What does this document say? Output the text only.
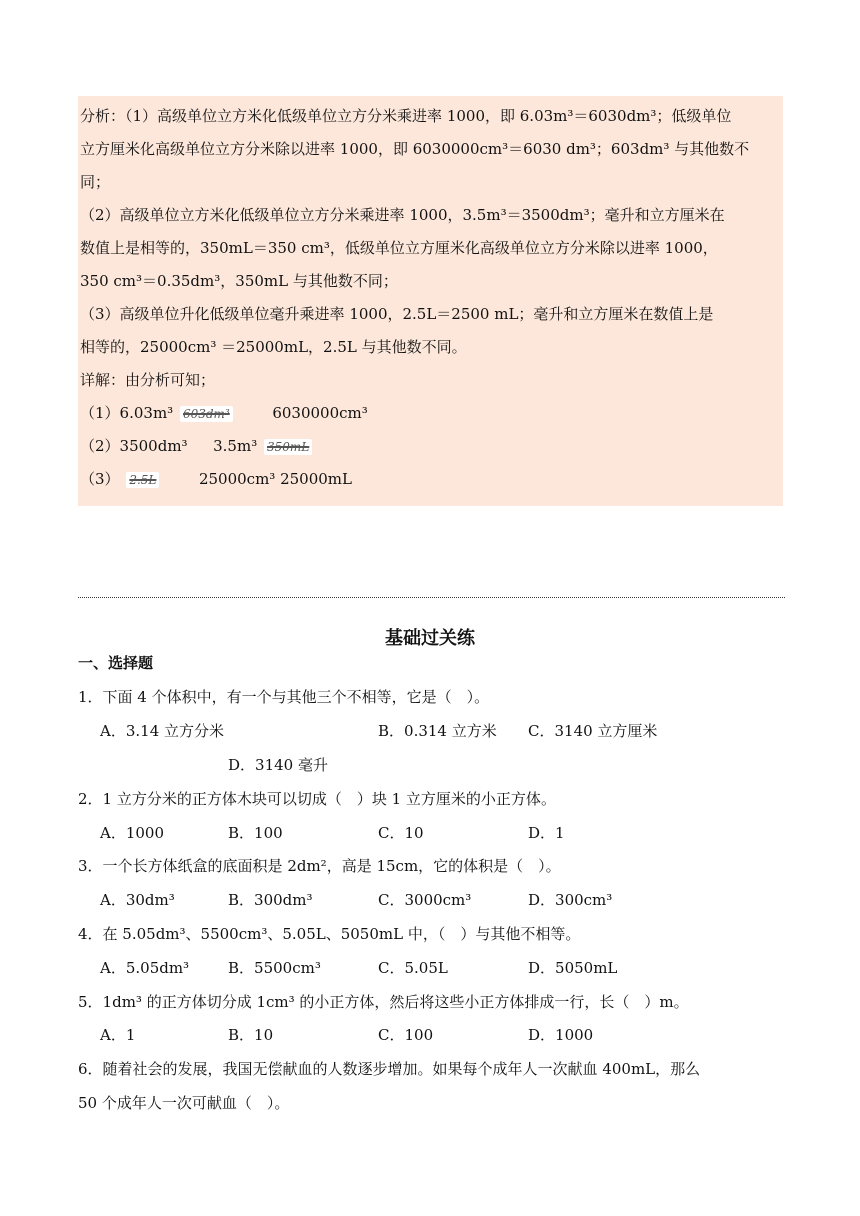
分析：（1）高级单位立方米化低级单位立方分米乘进率 1000，即 6.03m³＝6030dm³；低级单位

立方厘米化高级单位立方分米除以进率 1000，即 6030000cm³＝6030 dm³；603dm³ 与其他数不

同；

（2）高级单位立方米化低级单位立方分米乘进率 1000，3.5m³＝3500dm³；毫升和立方厘米在

数值上是相等的，350mL＝350 cm³，低级单位立方厘米化高级单位立方分米除以进率 1000，

350 cm³＝0.35dm³，350mL 与其他数不同；

（3）高级单位升化低级单位毫升乘进率 1000，2.5L＝2500 mL；毫升和立方厘米在数值上是

相等的，25000cm³ ＝25000mL，2.5L 与其他数不同。

详解：由分析可知；

（1）6.03m³ 603dm³	6030000cm³

（2）3500dm³ 3.5m³ 350mL

（3） 2.5L	25000cm³ 25000mL

基础过关练
一、选择题
1．下面 4 个体积中，有一个与其他三个不相等，它是（　）。
A．3.14 立方分米	B．0.314 立方米 C．3140 立方厘米
D．3140 毫升
2．1 立方分米的正方体木块可以切成（　）块 1 立方厘米的小正方体。
A．1000	B．100	C．10	D．1
3．一个长方体纸盒的底面积是 2dm²，高是 15cm，它的体积是（　）。
A．30dm³	B．300dm³	C．3000cm³	D．300cm³
4．在 5.05dm³、5500cm³、5.05L、5050mL 中，（　）与其他不相等。
A．5.05dm³	B．5500cm³	C．5.05L	D．5050mL
5．1dm³ 的正方体切分成 1cm³ 的小正方体，然后将这些小正方体排成一行，长（　）m。
A．1	B．10	C．100	D．1000
6．随着社会的发展，我国无偿献血的人数逐步增加。如果每个成年人一次献血 400mL，那么
50 个成年人一次可献血（　）。
